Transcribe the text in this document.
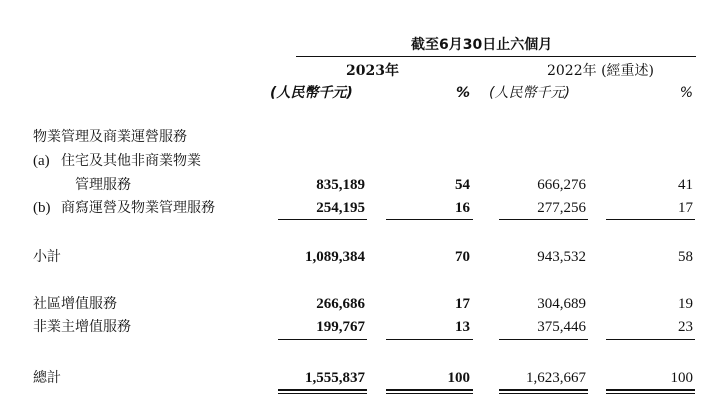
截至6月30日止六個月
2023年	2022年 (經重述)
(人民幣千元)	% (人民幣千元)	%
物業管理及商業運營服務
(a) 住宅及其他非商業物業
管理服務	835,189	54	666,276	41
(b) 商寫運營及物業管理服務	254,195	16	277,256	17
小計	1,089,384	70	943,532	58
社區增值服務	266,686	17	304,689	19
非業主增值服務	199,767	13	375,446	23
總計	1,555,837	100	1,623,667	100
